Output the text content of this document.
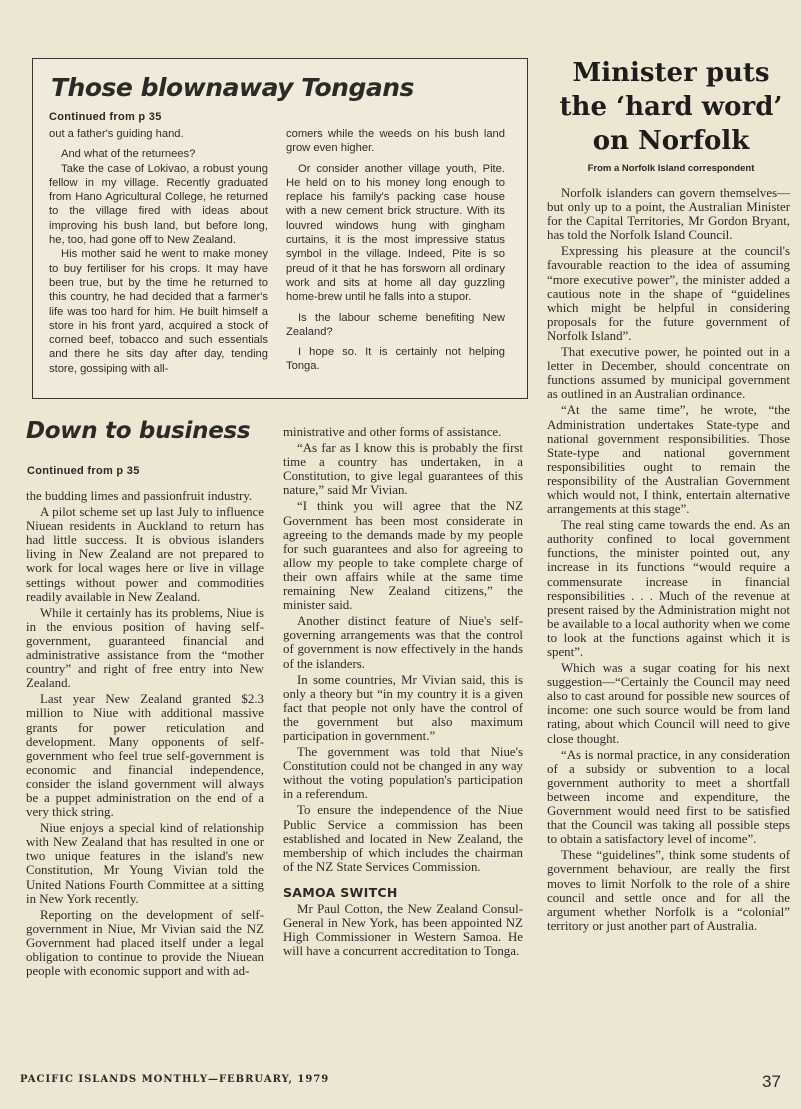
Those blownaway Tongans
Continued from p 35

out a father's guiding hand.

And what of the returnees?

Take the case of Lokivao, a robust young fellow in my village. Recently graduated from Hano Agricultural College, he returned to the village fired with ideas about improving his bush land, but before long, he, too, had gone off to New Zealand.

His mother said he went to make money to buy fertiliser for his crops. It may have been true, but by the time he returned to this country, he had decided that a farmer's life was too hard for him. He built himself a store in his front yard, acquired a stock of corned beef, tobacco and such essentials and there he sits day after day, tending store, gossiping with all-

comers while the weeds on his bush land grow even higher.

Or consider another village youth, Pite. He held on to his money long enough to replace his family's packing case house with a new cement brick structure. With its louvred windows hung with gingham curtains, it is the most impressive status symbol in the village. Indeed, Pite is so preud of it that he has forsworn all ordinary work and sits at home all day guzzling home-brew until he falls into a stupor.

Is the labour scheme benefiting New Zealand?

I hope so. It is certainly not helping Tonga.

Down to business
Continued from p 35

the budding limes and passionfruit industry.

A pilot scheme set up last July to influence Niuean residents in Auckland to return has had little success. It is obvious islanders living in New Zealand are not prepared to work for local wages here or live in village settings without power and commodities readily available in New Zealand.

While it certainly has its problems, Niue is in the envious position of having self-government, guaranteed financial and administrative assistance from the “mother country” and right of free entry into New Zealand.

Last year New Zealand granted $2.3 million to Niue with additional massive grants for power reticulation and development. Many opponents of self-government who feel true self-government is economic and financial independence, consider the island government will always be a puppet administration on the end of a very thick string.

Niue enjoys a special kind of relationship with New Zealand that has resulted in one or two unique features in the island's new Constitution, Mr Young Vivian told the United Nations Fourth Committee at a sitting in New York recently.

Reporting on the development of self-government in Niue, Mr Vivian said the NZ Government had placed itself under a legal obligation to continue to provide the Niuean people with economic support and with ad-

ministrative and other forms of assistance.

“As far as I know this is probably the first time a country has undertaken, in a Constitution, to give legal guarantees of this nature,” said Mr Vivian.

“I think you will agree that the NZ Government has been most considerate in agreeing to the demands made by my people for such guarantees and also for agreeing to allow my people to take complete charge of their own affairs while at the same time remaining New Zealand citizens,” the minister said.

Another distinct feature of Niue's self-governing arrangements was that the control of government is now effectively in the hands of the islanders.

In some countries, Mr Vivian said, this is only a theory but “in my country it is a given fact that people not only have the control of the government but also maximum participation in government.”

The government was told that Niue's Constitution could not be changed in any way without the voting population's participation in a referendum.

To ensure the independence of the Niue Public Service a commission has been established and located in New Zealand, the membership of which includes the chairman of the NZ State Services Commission.

SAMOA SWITCH

Mr Paul Cotton, the New Zealand Consul-General in New York, has been appointed NZ High Commissioner in Western Samoa. He will have a concurrent accreditation to Tonga.

Minister puts
the ‘hard word’
on Norfolk
From a Norfolk Island correspondent

Norfolk islanders can govern themselves—but only up to a point, the Australian Minister for the Capital Territories, Mr Gordon Bryant, has told the Norfolk Island Council.

Expressing his pleasure at the council's favourable reaction to the idea of assuming “more executive power”, the minister added a cautious note in the shape of “guidelines which might be helpful in considering proposals for the future government of Norfolk Island”.

That executive power, he pointed out in a letter in December, should concentrate on functions assumed by municipal government as outlined in an Australian ordinance.

“At the same time”, he wrote, “the Administration undertakes State-type and national government responsibilities. Those State-type and national government responsibilities ought to remain the responsibility of the Australian Government which would not, I think, entertain alternative arrangements at this stage”.

The real sting came towards the end. As an authority confined to local government functions, the minister pointed out, any increase in its functions “would require a commensurate increase in financial responsibilities . . . Much of the revenue at present raised by the Administration might not be available to a local authority when we come to look at the functions against which it is spent”.

Which was a sugar coating for his next suggestion—“Certainly the Council may need also to cast around for possible new sources of income: one such source would be from land rating, about which Council will need to give close thought.

“As is normal practice, in any consideration of a subsidy or subvention to a local government authority to meet a shortfall between income and expenditure, the Government would need first to be satisfied that the Council was taking all possible steps to obtain a satisfactory level of income”.

These “guidelines”, think some students of government behaviour, are really the first moves to limit Norfolk to the role of a shire council and settle once and for all the argument whether Norfolk is a “colonial” territory or just another part of Australia.

PACIFIC ISLANDS MONTHLY—FEBRUARY, 1979	37
